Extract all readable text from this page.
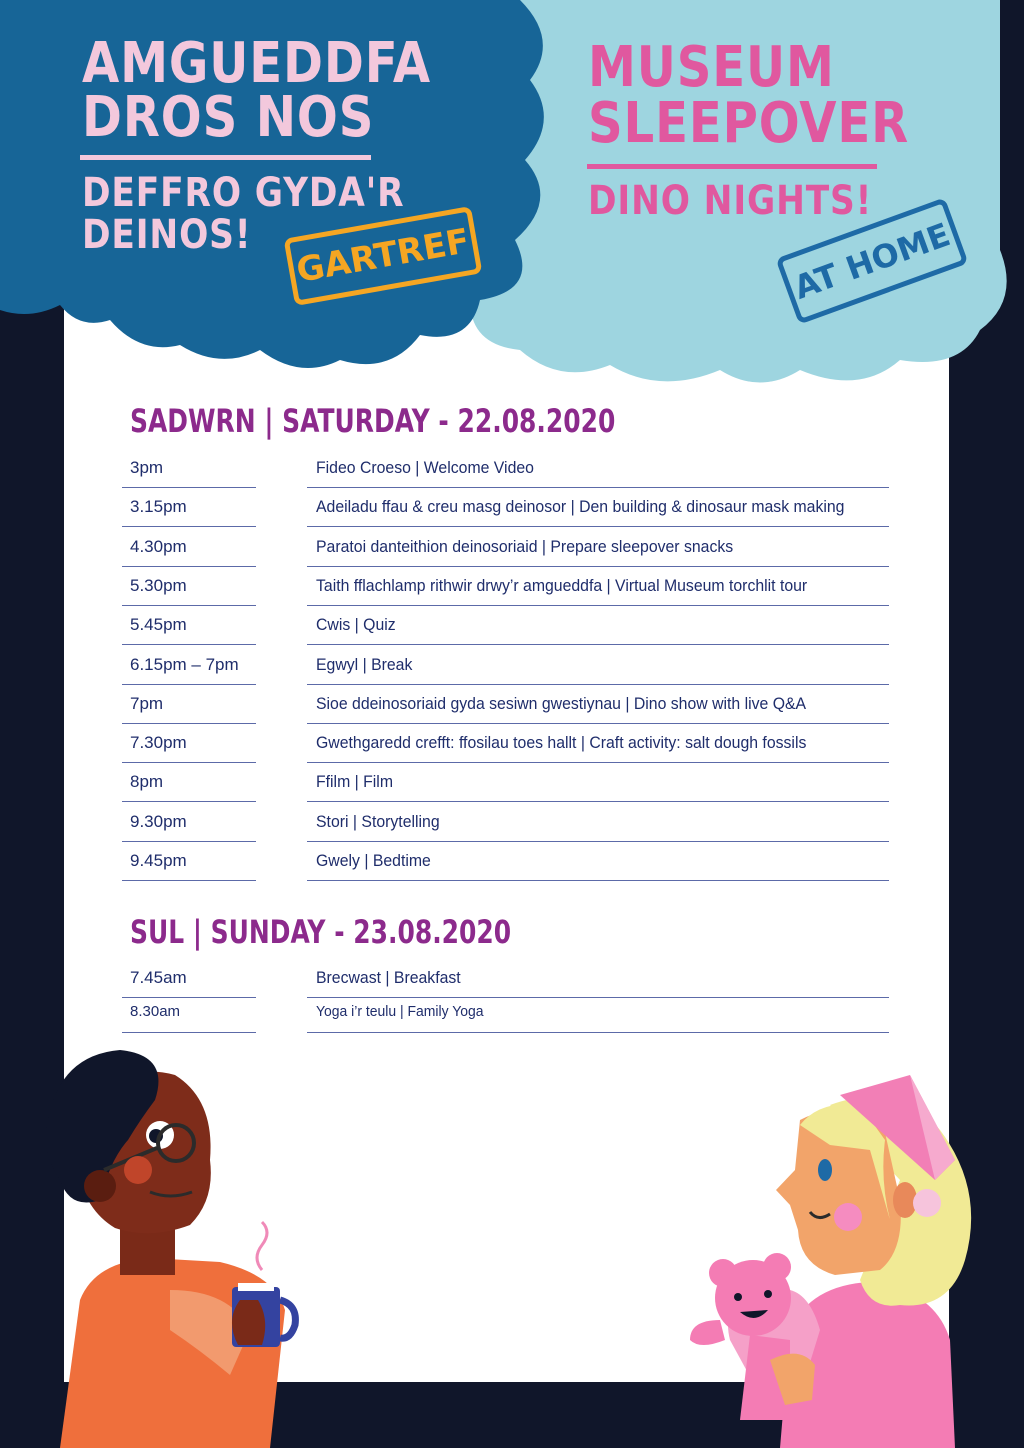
AMGUEDDFA
DROS NOS
DEFFRO GYDA'R
DEINOS! GARTREF
MUSEUM
SLEEPOVER
DINO NIGHTS!
AT HOME
SADWRN | SATURDAY - 22.08.2020
3pm	Fideo Croeso | Welcome Video
3.15pm	Adeiladu ffau & creu masg deinosor | Den building & dinosaur mask making
4.30pm	Paratoi danteithion deinosoriaid | Prepare sleepover snacks
5.30pm	Taith fflachlamp rithwir drwy’r amgueddfa | Virtual Museum torchlit tour
5.45pm	Cwis | Quiz
6.15pm – 7pm	Egwyl | Break
7pm	Sioe ddeinosoriaid gyda sesiwn gwestiynau | Dino show with live Q&A
7.30pm	Gwethgaredd crefft: ffosilau toes hallt | Craft activity: salt dough fossils
8pm	Ffilm | Film
9.30pm	Stori | Storytelling
9.45pm	Gwely | Bedtime
SUL | SUNDAY - 23.08.2020
7.45am	Brecwast | Breakfast
8.30am	Yoga i’r teulu | Family Yoga
